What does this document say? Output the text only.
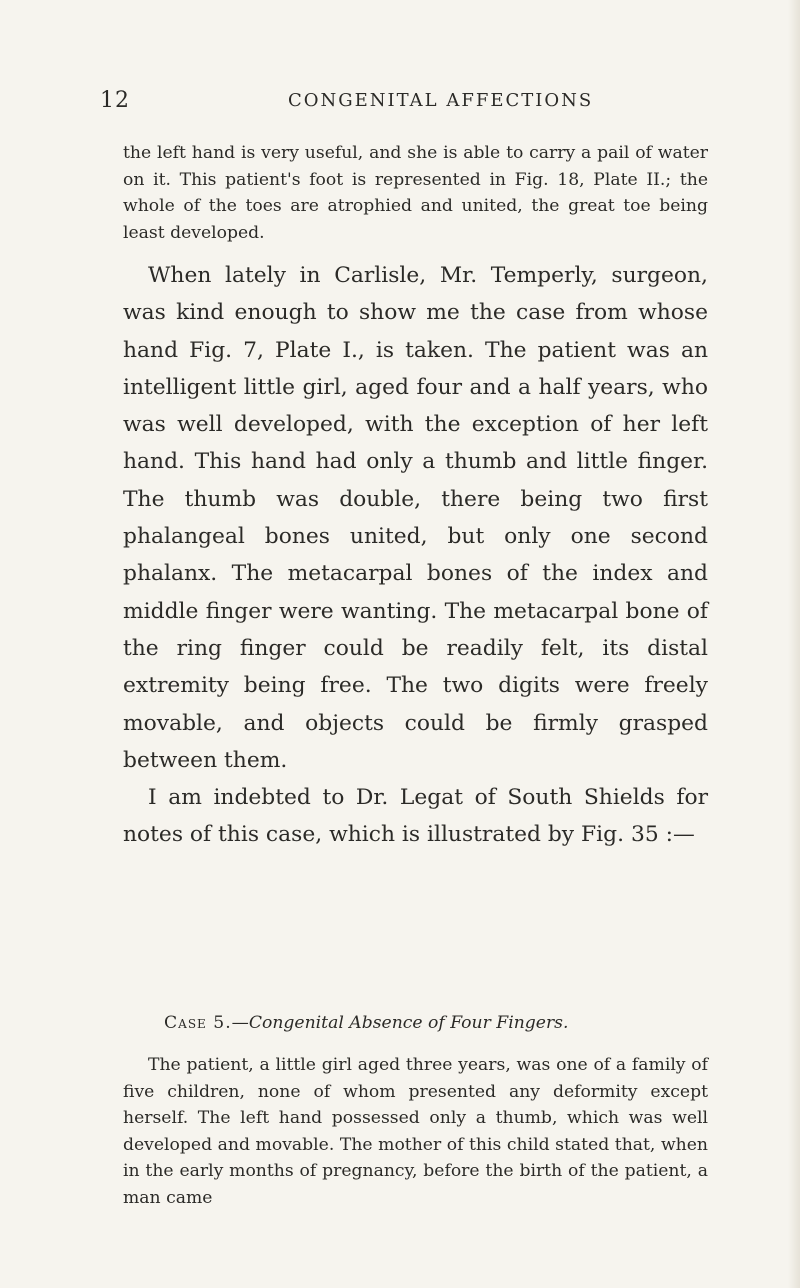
12	CONGENITAL AFFECTIONS

the left hand is very useful, and she is able to carry a pail of water on it. This patient's foot is represented in Fig. 18, Plate II.; the whole of the toes are atrophied and united, the great toe being least developed.

When lately in Carlisle, Mr. Temperly, surgeon, was kind enough to show me the case from whose hand Fig. 7, Plate I., is taken. The patient was an intelligent little girl, aged four and a half years, who was well developed, with the exception of her left hand. This hand had only a thumb and little finger. The thumb was double, there being two first phalangeal bones united, but only one second phalanx. The metacarpal bones of the index and middle finger were wanting. The metacarpal bone of the ring finger could be readily felt, its distal extremity being free. The two digits were freely movable, and objects could be firmly grasped between them.

I am indebted to Dr. Legat of South Shields for notes of this case, which is illustrated by Fig. 35 :—

Case 5.—Congenital Absence of Four Fingers.

The patient, a little girl aged three years, was one of a family of five children, none of whom presented any deformity except herself. The left hand possessed only a thumb, which was well developed and movable. The mother of this child stated that, when in the early months of pregnancy, before the birth of the patient, a man came
